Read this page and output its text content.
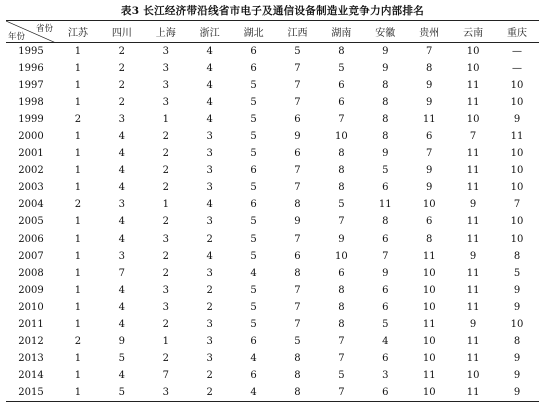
表3 长江经济带沿线省市电子及通信设备制造业竞争力内部排名
省份
年份	江苏	四川	上海	浙江	湖北	江西	湖南	安徽	贵州	云南	重庆
1995	1	2	3	4	6	5	8	9	7	10	—
1996	1	2	3	4	6	7	5	9	8	10	—
1997	1	2	3	4	5	7	6	8	9	11	10
1998	1	2	3	4	5	7	6	8	9	11	10
1999	2	3	1	4	5	6	7	8	11	10	9
2000	1	4	2	3	5	9	10	8	6	7	11
2001	1	4	2	3	5	6	8	9	7	11	10
2002	1	4	2	3	6	7	8	5	9	11	10
2003	1	4	2	3	5	7	8	6	9	11	10
2004	2	3	1	4	6	8	5	11	10	9	7
2005	1	4	2	3	5	9	7	8	6	11	10
2006	1	4	3	2	5	7	9	6	8	11	10
2007	1	3	2	4	5	6	10	7	11	9	8
2008	1	7	2	3	4	8	6	9	10	11	5
2009	1	4	3	2	5	7	8	6	10	11	9
2010	1	4	3	2	5	7	8	6	10	11	9
2011	1	4	2	3	5	7	8	5	11	9	10
2012	2	9	1	3	6	5	7	4	10	11	8
2013	1	5	2	3	4	8	7	6	10	11	9
2014	1	4	7	2	6	8	5	3	11	10	9
2015	1	5	3	2	4	8	7	6	10	11	9
